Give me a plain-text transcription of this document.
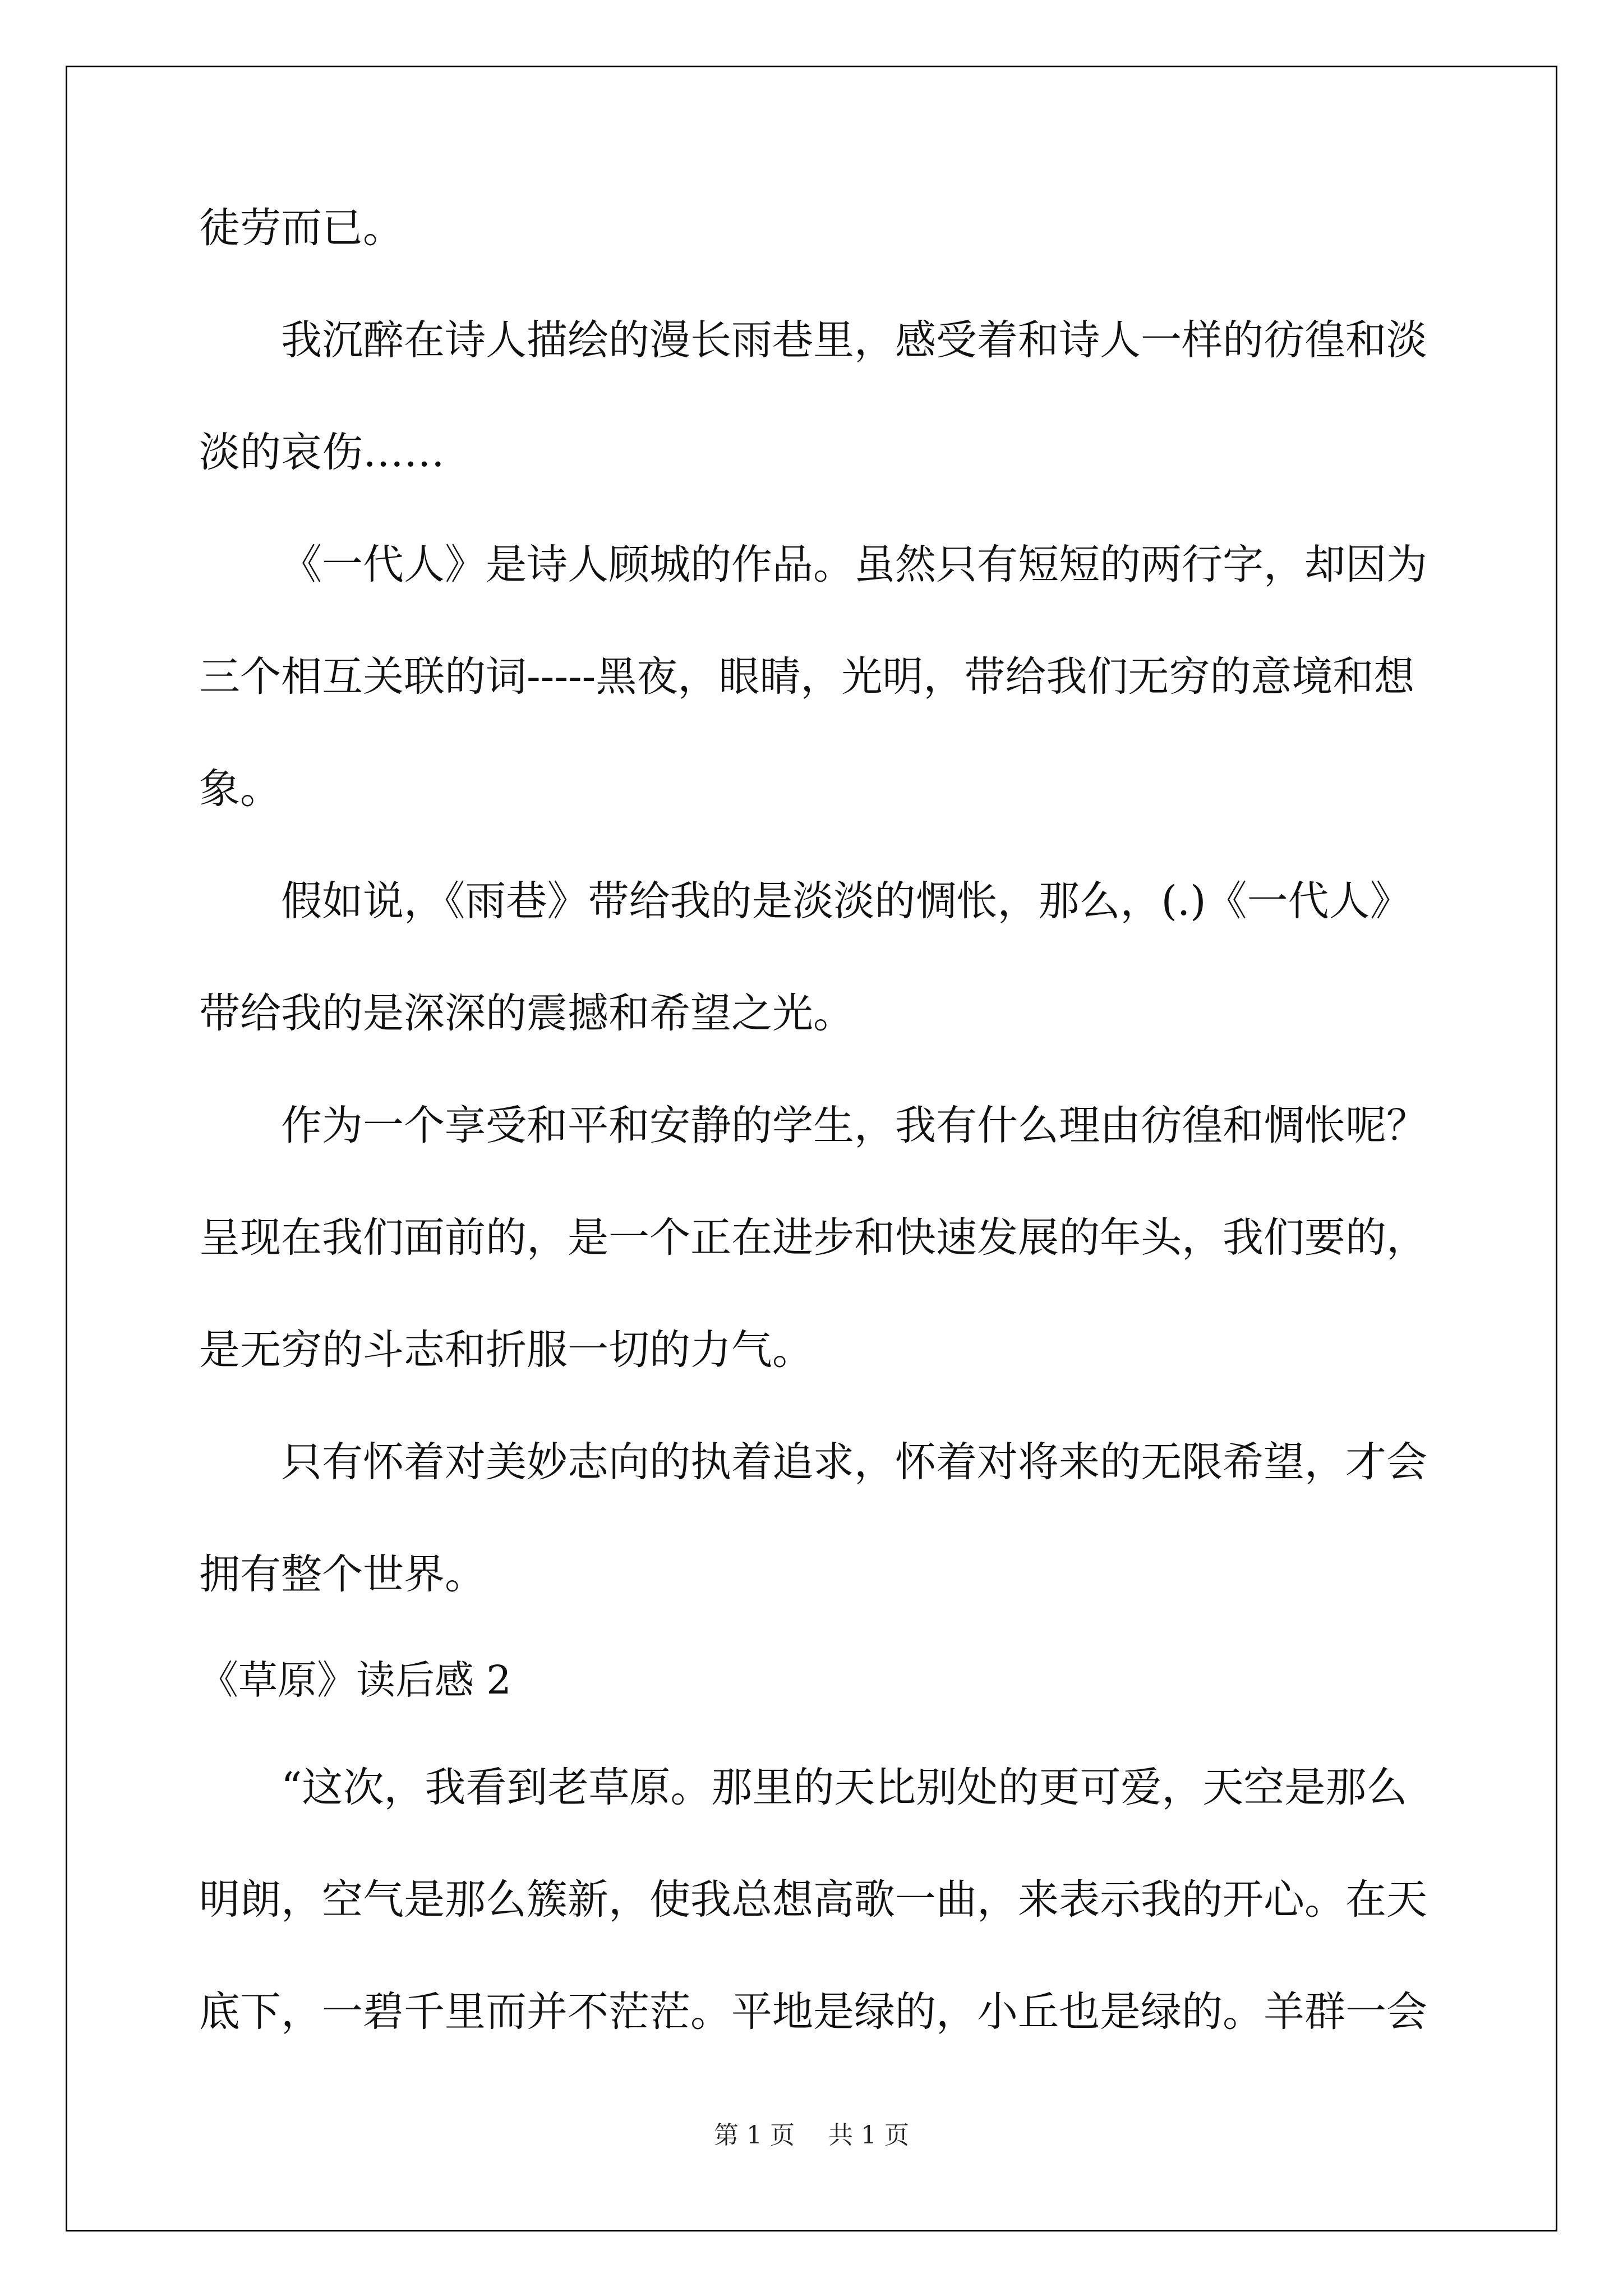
徒劳而已。
我沉醉在诗人描绘的漫长雨巷里，感受着和诗人一样的彷徨和淡
淡的哀伤……
《一代人》是诗人顾城的作品。虽然只有短短的两行字，却因为
三个相互关联的词-----黑夜，眼睛，光明，带给我们无穷的意境和想
象。
假如说，《雨巷》带给我的是淡淡的惆怅，那么，(.)《一代人》
带给我的是深深的震撼和希望之光。
作为一个享受和平和安静的学生，我有什么理由彷徨和惆怅呢？
呈现在我们面前的，是一个正在进步和快速发展的年头，我们要的，
是无穷的斗志和折服一切的力气。
只有怀着对美妙志向的执着追求，怀着对将来的无限希望，才会
拥有整个世界。
《草原》读后感 2
“这次，我看到老草原。那里的天比别处的更可爱，天空是那么
明朗，空气是那么簇新，使我总想高歌一曲，来表示我的开心。在天
底下，一碧千里而并不茫茫。平地是绿的，小丘也是绿的。羊群一会
第 1 页 共 1 页
